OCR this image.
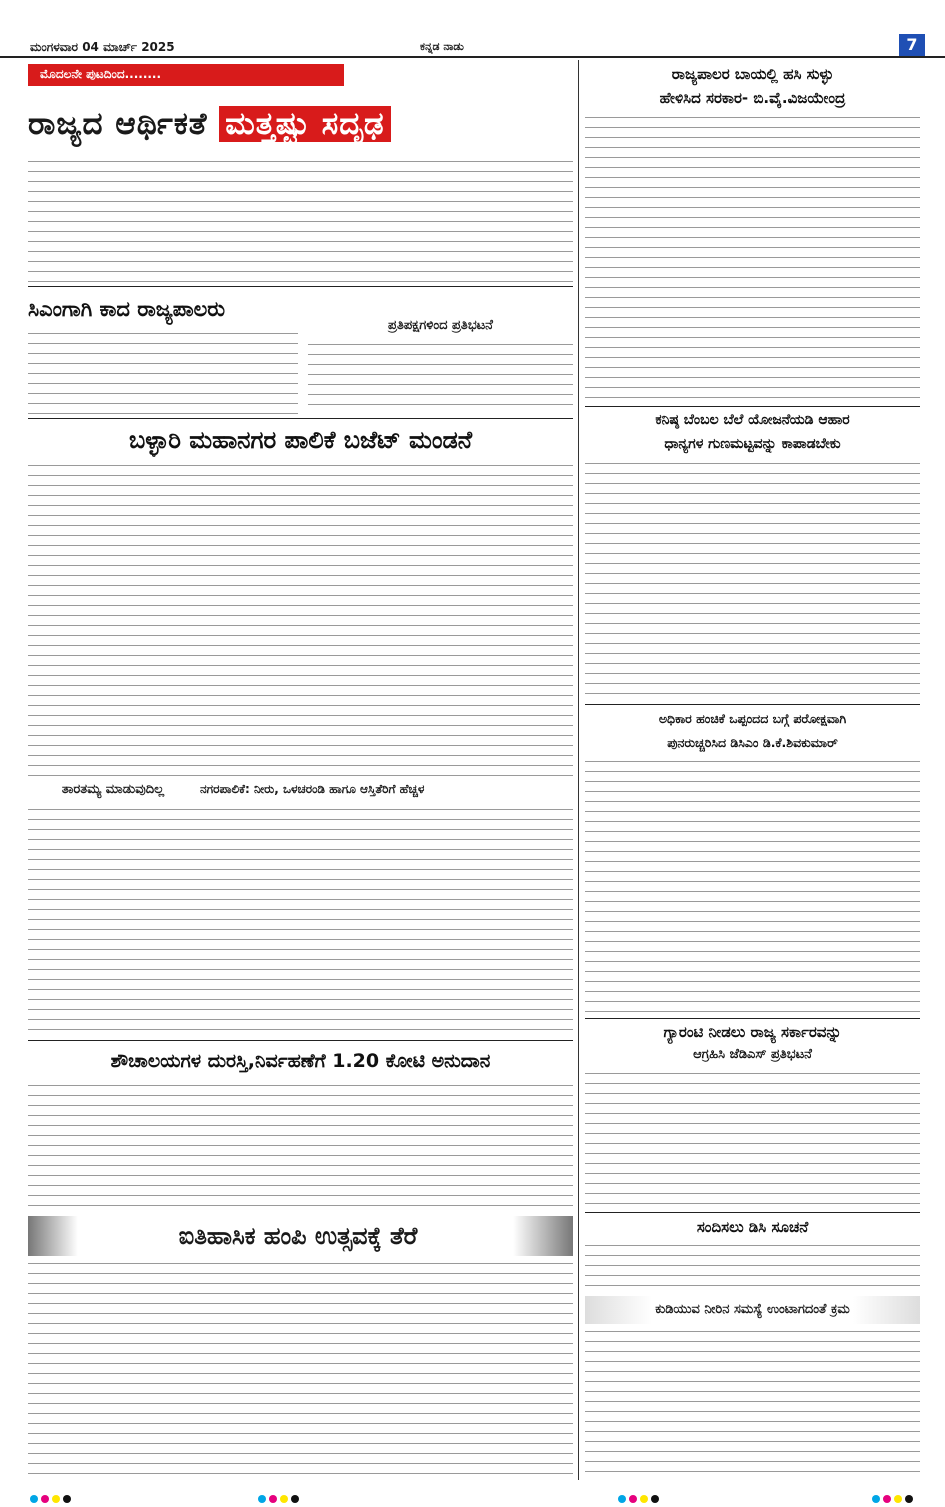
ಮಂಗಳವಾರ 04 ಮಾರ್ಚ್ 2025	ಕನ್ನಡ ನಾಡು	7
ಮೊದಲನೇ ಪುಟದಿಂದ........
ರಾಜ್ಯದ ಆರ್ಥಿಕತೆ ಮತ್ತಷ್ಟು ಸದೃಢ
ಸಿಎಂಗಾಗಿ ಕಾದ ರಾಜ್ಯಪಾಲರು
ಪ್ರತಿಪಕ್ಷಗಳಿಂದ ಪ್ರತಿಭಟನೆ
ಬಳ್ಳಾರಿ ಮಹಾನಗರ ಪಾಲಿಕೆ ಬಜೆಟ್ ಮಂಡನೆ
ತಾರತಮ್ಯ ಮಾಡುವುದಿಲ್ಲ	ನಗರಪಾಲಿಕೆ: ನೀರು, ಒಳಚರಂಡಿ ಹಾಗೂ ಆಸ್ತಿತೆರಿಗೆ ಹೆಚ್ಚಳ
ಶೌಚಾಲಯಗಳ ದುರಸ್ತಿ,ನಿರ್ವಹಣೆಗೆ 1.20 ಕೋಟಿ ಅನುದಾನ
ಐತಿಹಾಸಿಕ ಹಂಪಿ ಉತ್ಸವಕ್ಕೆ ತೆರೆ
ರಾಜ್ಯಪಾಲರ ಬಾಯಲ್ಲಿ ಹಸಿ ಸುಳ್ಳು
ಹೇಳಿಸಿದ ಸರಕಾರ- ಬಿ.ವೈ.ವಿಜಯೇಂದ್ರ
ಕನಿಷ್ಠ ಬೆಂಬಲ ಬೆಲೆ ಯೋಜನೆಯಡಿ ಆಹಾರ
ಧಾನ್ಯಗಳ ಗುಣಮಟ್ಟವನ್ನು ಕಾಪಾಡಬೇಕು
ಅಧಿಕಾರ ಹಂಚಿಕೆ ಒಪ್ಪಂದದ ಬಗ್ಗೆ ಪರೋಕ್ಷವಾಗಿ
ಪುನರುಚ್ಚರಿಸಿದ ಡಿಸಿಎಂ ಡಿ.ಕೆ.ಶಿವಕುಮಾರ್
ಗ್ಯಾರಂಟಿ ನೀಡಲು ರಾಜ್ಯ ಸರ್ಕಾರವನ್ನು
ಆಗ್ರಹಿಸಿ ಜೆಡಿಎಸ್ ಪ್ರತಿಭಟನೆ
ಸಂದಿಸಲು ಡಿಸಿ ಸೂಚನೆ
ಕುಡಿಯುವ ನೀರಿನ ಸಮಸ್ಯೆ ಉಂಟಾಗದಂತೆ ಕ್ರಮ
